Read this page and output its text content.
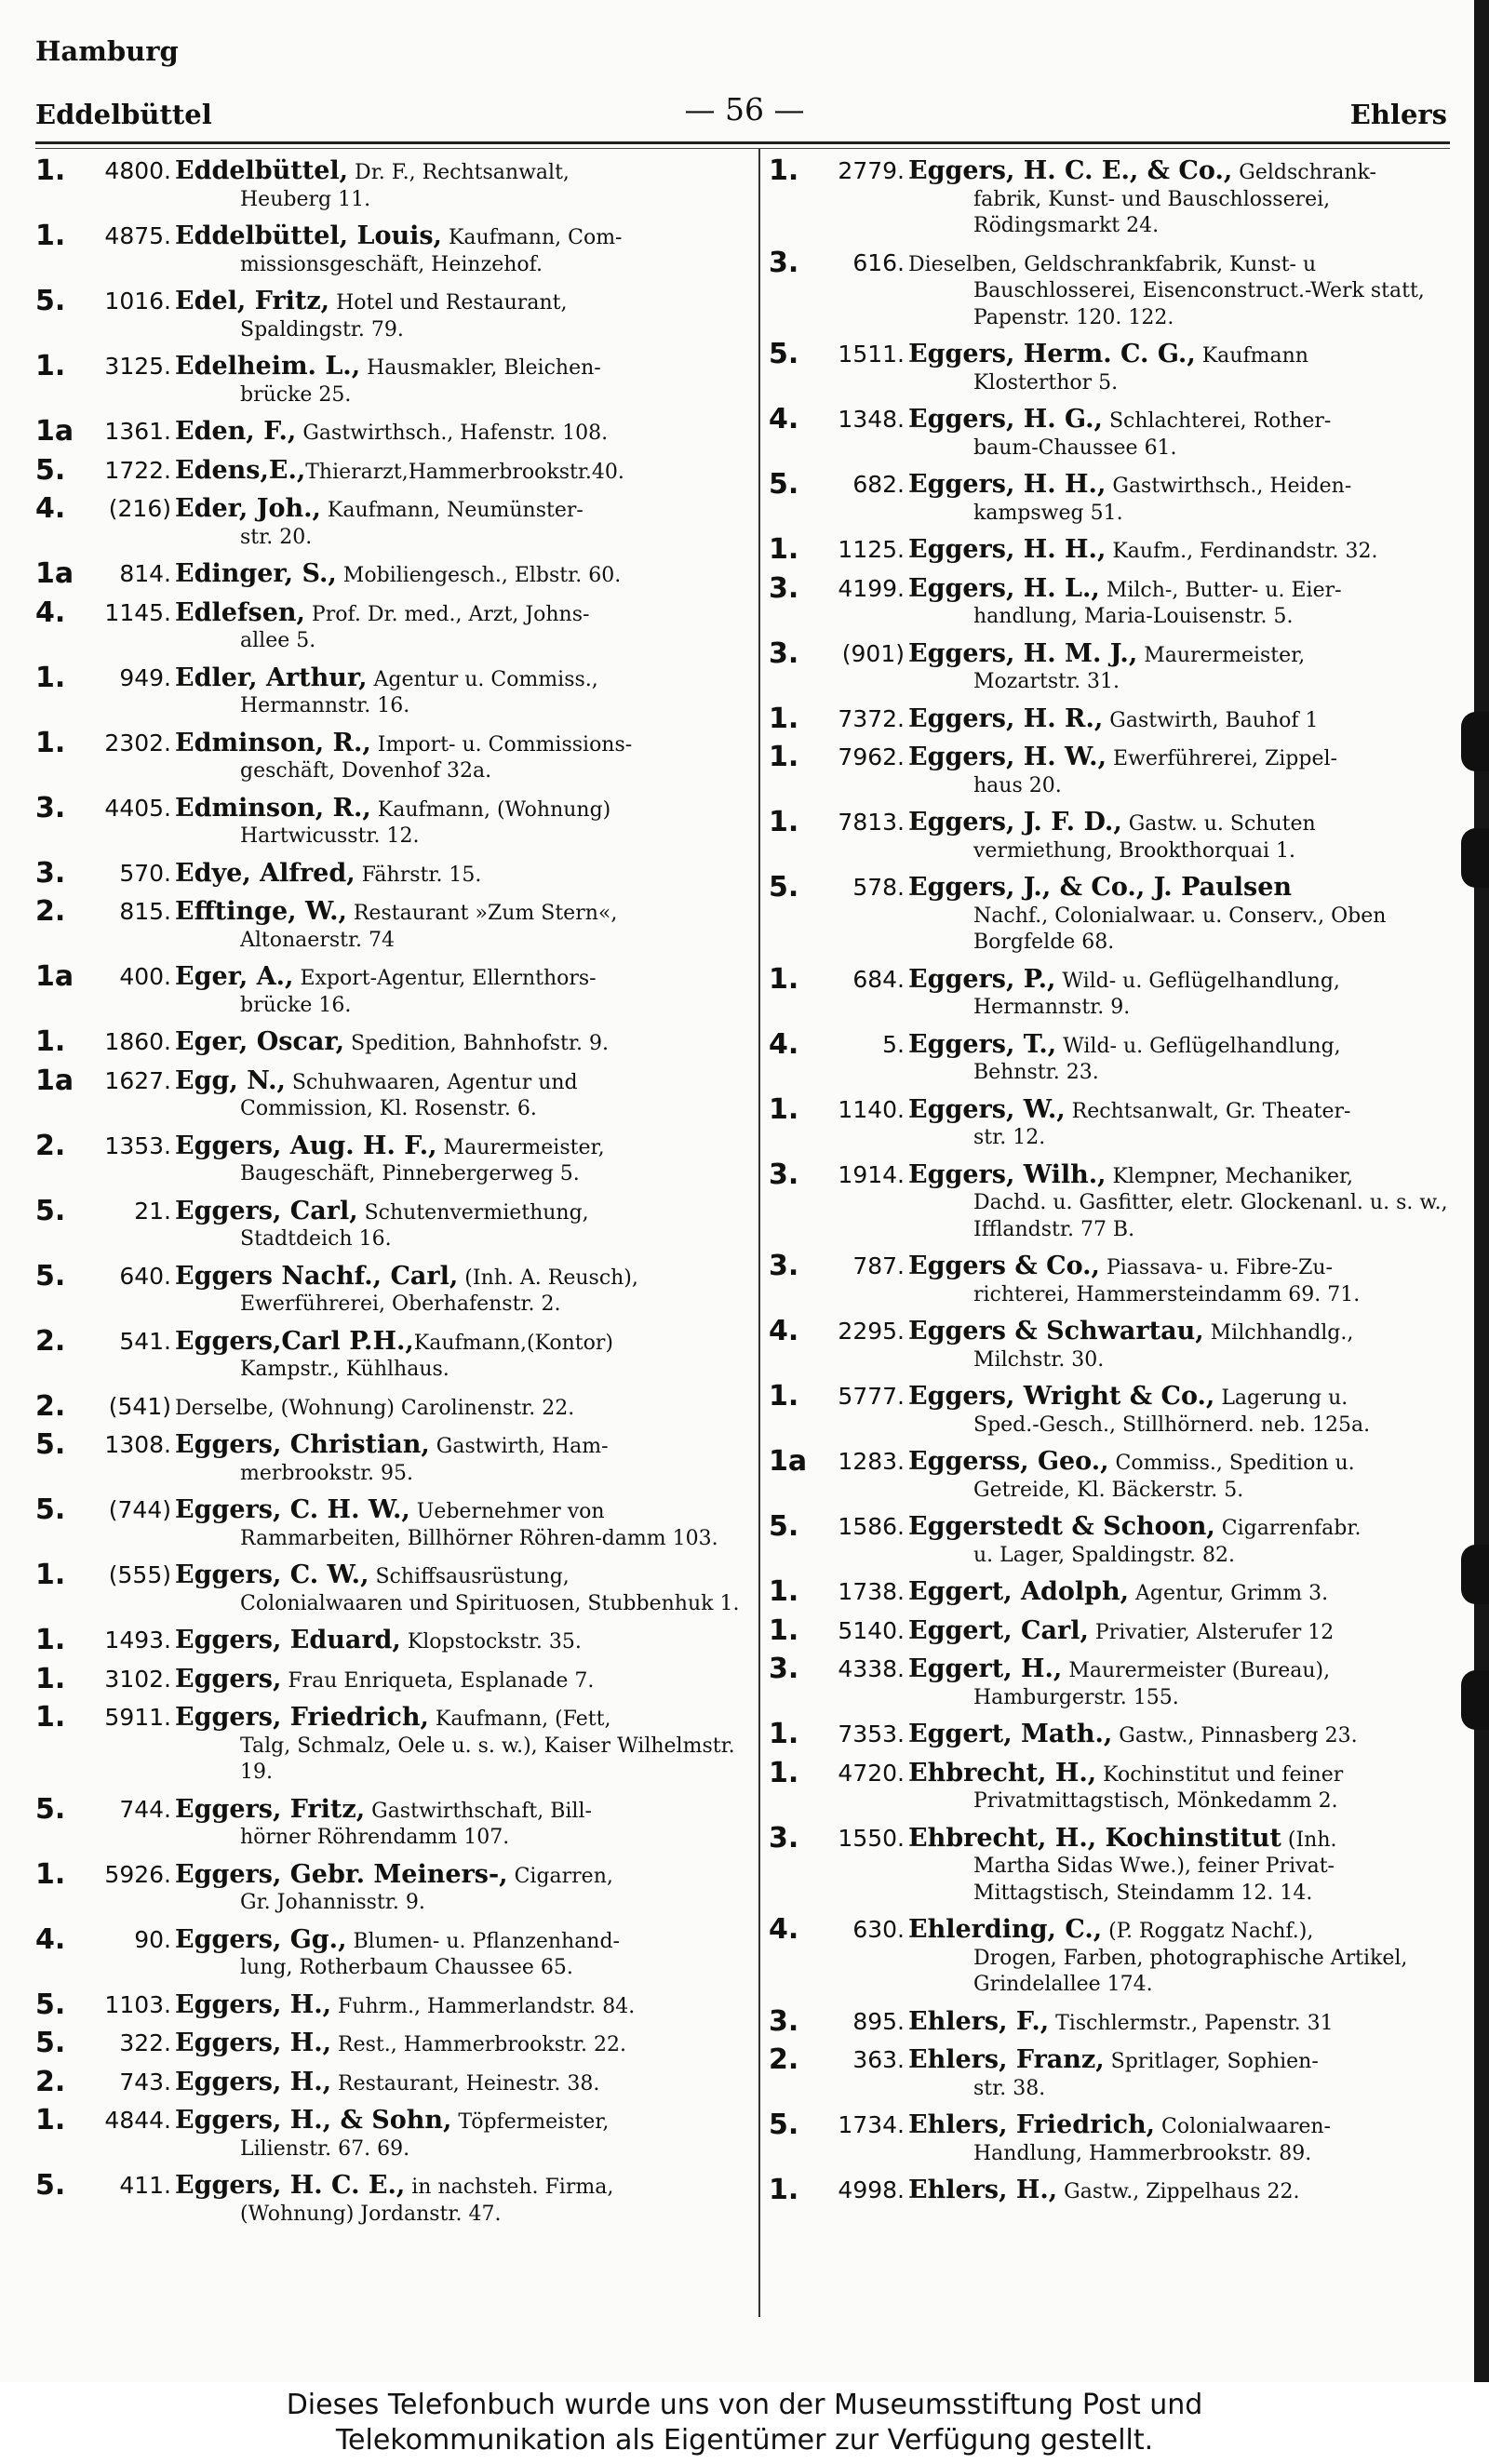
Hamburg
Eddelbüttel	— 56 —	Ehlers
1.	4800. Eddelbüttel, Dr. F., Rechtsanwalt,
Heuberg 11.
1.	4875. Eddelbüttel, Louis, Kaufmann, Com-
missionsgeschäft, Heinzehof.
5.	1016. Edel, Fritz, Hotel und Restaurant,
Spaldingstr. 79.
1.	3125. Edelheim. L., Hausmakler, Bleichen-
brücke 25.
1a	1361. Eden, F., Gastwirthsch., Hafenstr. 108.
5.	1722. Edens,E.,Thierarzt,Hammerbrookstr.40.
4.	(216) Eder, Joh., Kaufmann, Neumünster-
str. 20.
1a	814. Edinger, S., Mobiliengesch., Elbstr. 60.
4.	1145. Edlefsen, Prof. Dr. med., Arzt, Johns-
allee 5.
1.	949. Edler, Arthur, Agentur u. Commiss.,
Hermannstr. 16.
1.	2302. Edminson, R., Import- u. Commissions-
geschäft, Dovenhof 32a.
3.	4405. Edminson, R., Kaufmann, (Wohnung)
Hartwicusstr. 12.
3.	570. Edye, Alfred, Fährstr. 15.
2.	815. Efftinge, W., Restaurant »Zum Stern«,
Altonaerstr. 74
1a	400. Eger, A., Export-Agentur, Ellernthors-
brücke 16.
1.	1860. Eger, Oscar, Spedition, Bahnhofstr. 9.
1a	1627. Egg, N., Schuhwaaren, Agentur und
Commission, Kl. Rosenstr. 6.
2.	1353. Eggers, Aug. H. F., Maurermeister,
Baugeschäft, Pinnebergerweg 5.
5.	21. Eggers, Carl, Schutenvermiethung,
Stadtdeich 16.
5.	640. Eggers Nachf., Carl, (Inh. A. Reusch),
Ewerführerei, Oberhafenstr. 2.
2.	541. Eggers,Carl P.H.,Kaufmann,(Kontor)
Kampstr., Kühlhaus.
2.	(541) Derselbe, (Wohnung) Carolinenstr. 22.
5.	1308. Eggers, Christian, Gastwirth, Ham-
merbrookstr. 95.
5.	(744) Eggers, C. H. W., Uebernehmer von
Rammarbeiten, Billhörner Röhren-damm 103.
1.	(555) Eggers, C. W., Schiffsausrüstung,
Colonialwaaren und Spirituosen, Stubbenhuk 1.
1.	1493. Eggers, Eduard, Klopstockstr. 35.
1.	3102. Eggers, Frau Enriqueta, Esplanade 7.
1.	5911. Eggers, Friedrich, Kaufmann, (Fett,
Talg, Schmalz, Oele u. s. w.), Kaiser Wilhelmstr. 19.
5.	744. Eggers, Fritz, Gastwirthschaft, Bill-
hörner Röhrendamm 107.
1.	5926. Eggers, Gebr. Meiners-, Cigarren,
Gr. Johannisstr. 9.
4.	90. Eggers, Gg., Blumen- u. Pflanzenhand-
lung, Rotherbaum Chaussee 65.
5.	1103. Eggers, H., Fuhrm., Hammerlandstr. 84.
5.	322. Eggers, H., Rest., Hammerbrookstr. 22.
2.	743. Eggers, H., Restaurant, Heinestr. 38.
1.	4844. Eggers, H., & Sohn, Töpfermeister,
Lilienstr. 67. 69.
5.	411. Eggers, H. C. E., in nachsteh. Firma,
(Wohnung) Jordanstr. 47.
1.	2779. Eggers, H. C. E., & Co., Geldschrank-
fabrik, Kunst- und Bauschlosserei, Rödingsmarkt 24.
3.	616. Dieselben, Geldschrankfabrik, Kunst- u
Bauschlosserei, Eisenconstruct.-Werk statt, Papenstr. 120. 122.
5.	1511. Eggers, Herm. C. G., Kaufmann
Klosterthor 5.
4.	1348. Eggers, H. G., Schlachterei, Rother-
baum-Chaussee 61.
5.	682. Eggers, H. H., Gastwirthsch., Heiden-
kampsweg 51.
1.	1125. Eggers, H. H., Kaufm., Ferdinandstr. 32.
3.	4199. Eggers, H. L., Milch-, Butter- u. Eier-
handlung, Maria-Louisenstr. 5.
3.	(901) Eggers, H. M. J., Maurermeister,
Mozartstr. 31.
1.	7372. Eggers, H. R., Gastwirth, Bauhof 1
1.	7962. Eggers, H. W., Ewerführerei, Zippel-
haus 20.
1.	7813. Eggers, J. F. D., Gastw. u. Schuten
vermiethung, Brookthorquai 1.
5.	578. Eggers, J., & Co., J. Paulsen
Nachf., Colonialwaar. u. Conserv., Oben Borgfelde 68.
1.	684. Eggers, P., Wild- u. Geflügelhandlung,
Hermannstr. 9.
4.	5. Eggers, T., Wild- u. Geflügelhandlung,
Behnstr. 23.
1.	1140. Eggers, W., Rechtsanwalt, Gr. Theater-
str. 12.
3.	1914. Eggers, Wilh., Klempner, Mechaniker,
Dachd. u. Gasfitter, eletr. Glockenanl. u. s. w., Ifflandstr. 77 B.
3.	787. Eggers & Co., Piassava- u. Fibre-Zu-
richterei, Hammersteindamm 69. 71.
4.	2295. Eggers & Schwartau, Milchhandlg.,
Milchstr. 30.
1.	5777. Eggers, Wright & Co., Lagerung u.
Sped.-Gesch., Stillhörnerd. neb. 125a.
1a	1283. Eggerss, Geo., Commiss., Spedition u.
Getreide, Kl. Bäckerstr. 5.
5.	1586. Eggerstedt & Schoon, Cigarrenfabr.
u. Lager, Spaldingstr. 82.
1.	1738. Eggert, Adolph, Agentur, Grimm 3.
1.	5140. Eggert, Carl, Privatier, Alsterufer 12
3.	4338. Eggert, H., Maurermeister (Bureau),
Hamburgerstr. 155.
1.	7353. Eggert, Math., Gastw., Pinnasberg 23.
1.	4720. Ehbrecht, H., Kochinstitut und feiner
Privatmittagstisch, Mönkedamm 2.
3.	1550. Ehbrecht, H., Kochinstitut (Inh.
Martha Sidas Wwe.), feiner Privat-Mittagstisch, Steindamm 12. 14.
4.	630. Ehlerding, C., (P. Roggatz Nachf.),
Drogen, Farben, photographische Artikel, Grindelallee 174.
3.	895. Ehlers, F., Tischlermstr., Papenstr. 31
2.	363. Ehlers, Franz, Spritlager, Sophien-
str. 38.
5.	1734. Ehlers, Friedrich, Colonialwaaren-
Handlung, Hammerbrookstr. 89.
1.	4998. Ehlers, H., Gastw., Zippelhaus 22.
Dieses Telefonbuch wurde uns von der Museumsstiftung Post und
Telekommunikation als Eigentümer zur Verfügung gestellt.
